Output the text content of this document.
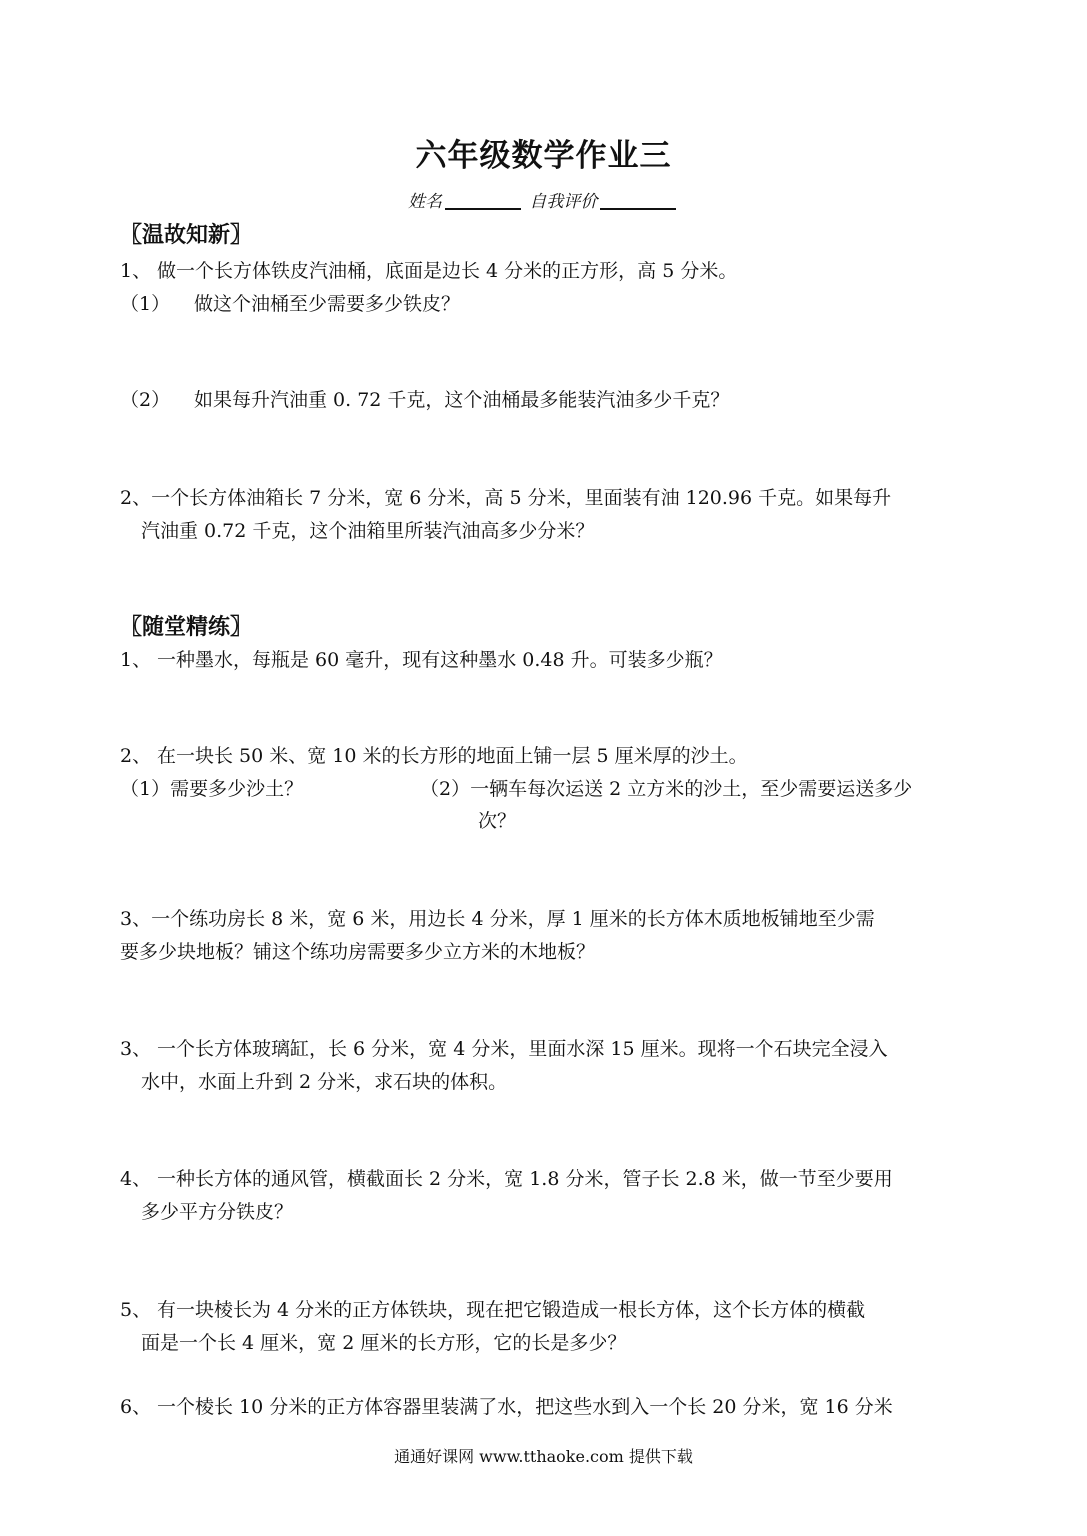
六年级数学作业三
姓名	自我评价
〖温故知新〗
1、 做一个长方体铁皮汽油桶，底面是边长 4 分米的正方形，高 5 分米。
（1） 做这个油桶至少需要多少铁皮？
（2） 如果每升汽油重 0. 72 千克，这个油桶最多能装汽油多少千克？
2、一个长方体油箱长 7 分米，宽 6 分米，高 5 分米，里面装有油 120.96 千克。如果每升
汽油重 0.72 千克，这个油箱里所装汽油高多少分米？
〖随堂精练〗
1、 一种墨水，每瓶是 60 毫升，现有这种墨水 0.48 升。可装多少瓶？
2、 在一块长 50 米、宽 10 米的长方形的地面上铺一层 5 厘米厚的沙土。
（1）需要多少沙土？	（2）一辆车每次运送 2 立方米的沙土，至少需要运送多少
次？
3、一个练功房长 8 米，宽 6 米，用边长 4 分米，厚 1 厘米的长方体木质地板铺地至少需
要多少块地板？铺这个练功房需要多少立方米的木地板？
3、 一个长方体玻璃缸，长 6 分米，宽 4 分米，里面水深 15 厘米。现将一个石块完全浸入
水中，水面上升到 2 分米，求石块的体积。
4、 一种长方体的通风管，横截面长 2 分米，宽 1.8 分米，管子长 2.8 米，做一节至少要用
多少平方分铁皮？
5、 有一块棱长为 4 分米的正方体铁块，现在把它锻造成一根长方体，这个长方体的横截
面是一个长 4 厘米，宽 2 厘米的长方形，它的长是多少？
6、 一个棱长 10 分米的正方体容器里装满了水，把这些水到入一个长 20 分米，宽 16 分米
通通好课网 www.tthaoke.com 提供下载
